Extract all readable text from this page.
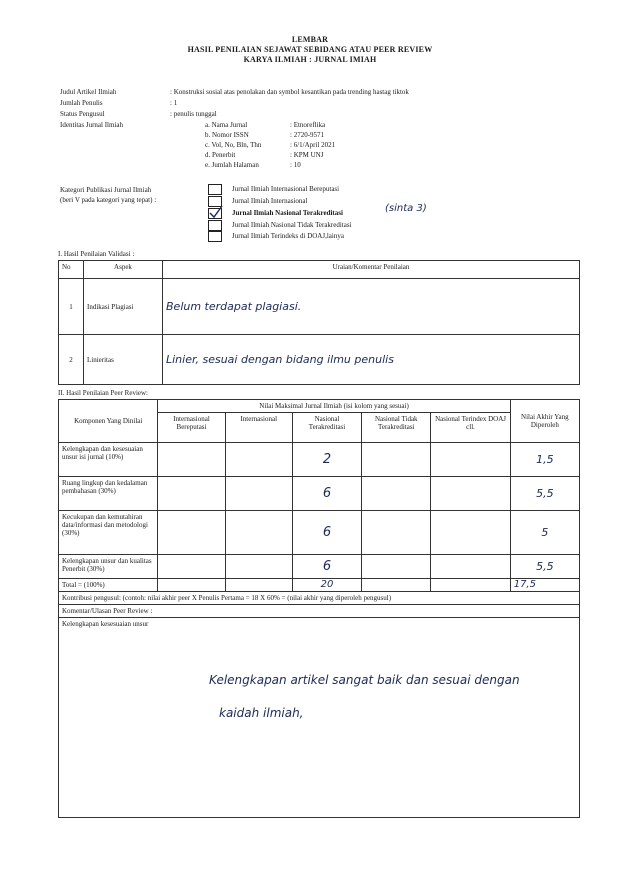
LEMBAR
HASIL PENILAIAN SEJAWAT SEBIDANG ATAU PEER REVIEW
KARYA ILMIAH : JURNAL IMIAH
Judul Artikel Ilmiah	: Konstruksi sosial atas penolakan dan symbol kesantikan pada trending hastag tiktok
Jumlah Penulis	: 1
Status Pengusul	: penulis tunggal
Identitas Jurnal Ilmiah	a. Nama Jurnal	: Etnoreflika
b. Nomor ISSN	: 2720-9571
c. Vol, No, Bln, Thn	: 6/1/April 2021
d. Penerbit	: KPM UNJ
e. Jumlah Halaman	: 10
Kategori Publikasi Jurnal Ilmiah
(beri V pada kategori yang tepat) :
Jurnal Ilmiah Internasional Bereputasi
Jurnal Ilmiah Internasional
Jurnal Ilmiah Nasional Terakreditasi	(sinta 3)
Jurnal Ilmiah Nasional Tidak Terakreditasi
Jurnal Ilmiah Terindeks di DOAJ,lainya
I. Hasil Penilaian Validasi :
No	Aspek	Uraian/Komentar Penilaian
1	Indikasi Plagiasi	Belum terdapat plagiasi.
2	Linieritas	Linier, sesuai dengan bidang ilmu penulis
II. Hasil Penilaian Peer Review:
Komponen Yang Dinilai	Nilai Maksimal Jurnal Ilmiah (isi kolom yang sesuai)					Nilai Akhir Yang Diperoleh
	Internasional Bereputasi	Internasional	Nasional Terakreditasi	Nasional Tidak Terakreditasi	Nasional Terindex DOAJ cll.	
Kelengkapan dan kesesuaian unsur isi jurnal (10%)			2			1,5
Ruang lingkup dan kedalaman pembahasan (30%)			6			5,5
Kecukupan dan kemutahiran data/informasi dan metodologi (30%)			6			5
Kelengkapan unsur dan kualitas Penerbit (30%)			6			5,5
Total = (100%)			20			17,5
Kontribusi pengusul: (contoh: nilai akhir peer X Penulis Pertama = 18 X 60% = (nilai akhir yang diperoleh pengusul)						
Komentar/Ulasan Peer Review :						

Kelengkapan kesesuaian unsur
Kelengkapan artikel sangat baik dan sesuai dengan
kaidah ilmiah,						
